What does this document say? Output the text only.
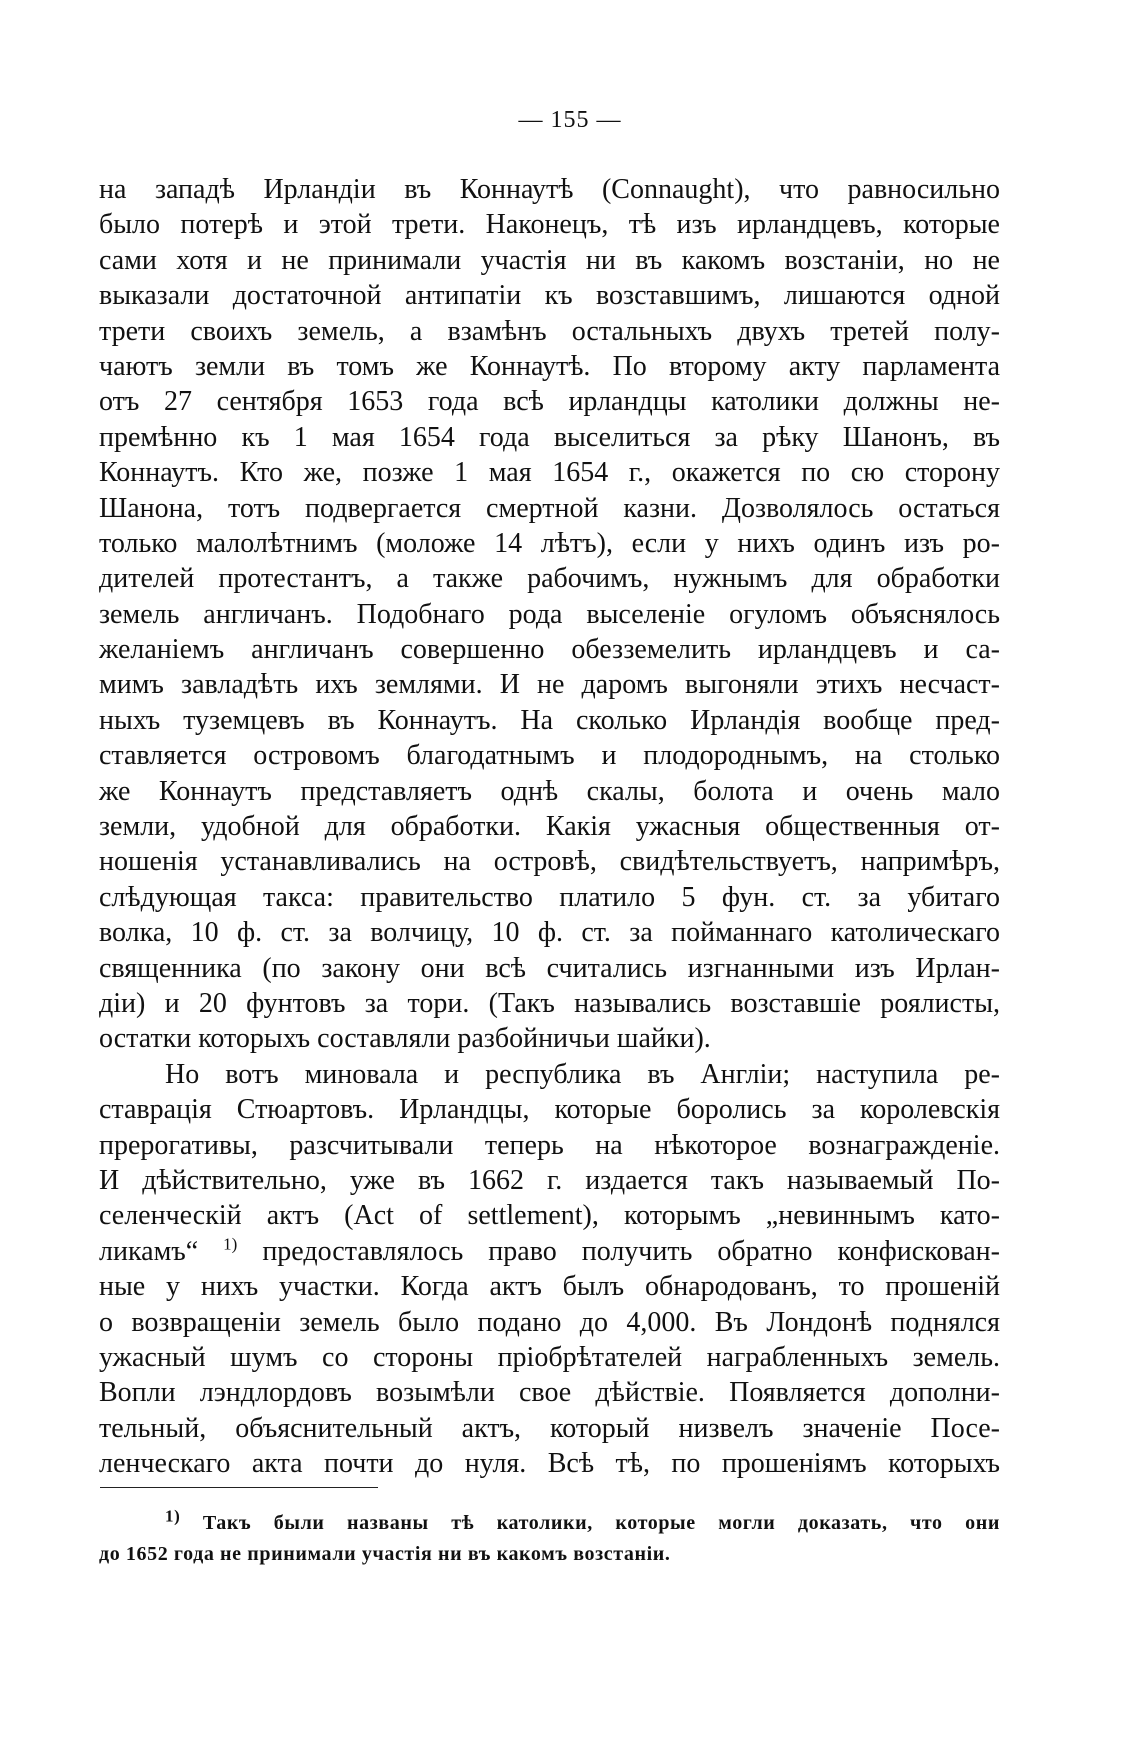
— 155 —
на западѣ Ирландіи въ Коннаутѣ (Connaught), что равносильно
было потерѣ и этой трети. Наконецъ, тѣ изъ ирландцевъ, которые
сами хотя и не принимали участія ни въ какомъ возстаніи, но не
выказали достаточной антипатіи къ возставшимъ, лишаются одной
трети своихъ земель, а взамѣнъ остальныхъ двухъ третей полу-
чаютъ земли въ томъ же Коннаутѣ. По второму акту парламента
отъ 27 сентября 1653 года всѣ ирландцы католики должны не-
премѣнно къ 1 мая 1654 года выселиться за рѣку Шанонъ, въ
Коннаутъ. Кто же, позже 1 мая 1654 г., окажется по сю сторону
Шанона, тотъ подвергается смертной казни. Дозволялось остаться
только малолѣтнимъ (моложе 14 лѣтъ), если у нихъ одинъ изъ ро-
дителей протестантъ, а также рабочимъ, нужнымъ для обработки
земель англичанъ. Подобнаго рода выселеніе огуломъ объяснялось
желаніемъ англичанъ совершенно обезземелить ирландцевъ и са-
мимъ завладѣть ихъ землями. И не даромъ выгоняли этихъ несчаст-
ныхъ туземцевъ въ Коннаутъ. На сколько Ирландія вообще пред-
ставляется островомъ благодатнымъ и плодороднымъ, на столько
же Коннаутъ представляетъ однѣ скалы, болота и очень мало
земли, удобной для обработки. Какія ужасныя общественныя от-
ношенія устанавливались на островѣ, свидѣтельствуетъ, напримѣръ,
слѣдующая такса: правительство платило 5 фун. ст. за убитаго
волка, 10 ф. ст. за волчицу, 10 ф. ст. за пойманнаго католическаго
священника (по закону они всѣ считались изгнанными изъ Ирлан-
діи) и 20 фунтовъ за тори. (Такъ назывались возставшіе роялисты,
остатки которыхъ составляли разбойничьи шайки).
Но вотъ миновала и республика въ Англіи; наступила ре-
ставрація Стюартовъ. Ирландцы, которые боролись за королевскія
прерогативы, разсчитывали теперь на нѣкоторое вознагражденіе.
И дѣйствительно, уже въ 1662 г. издается такъ называемый По-
селенческій актъ (Act of settlement), которымъ „невиннымъ като-
ликамъ“ $^{1)}$ предоставлялось право получить обратно конфискован-
ные у нихъ участки. Когда актъ былъ обнародованъ, то прошеній
о возвращеніи земель было подано до 4,000. Въ Лондонѣ поднялся
ужасный шумъ со стороны пріобрѣтателей награбленныхъ земель.
Вопли лэндлордовъ возымѣли свое дѣйствіе. Появляется дополни-
тельный, объяснительный актъ, который низвелъ значеніе Посе-
ленческаго акта почти до нуля. Всѣ тѣ, по прошеніямъ которыхъ
$^{1)}$ Такъ были названы тѣ католики, которые могли доказать, что они
до 1652 года не принимали участія ни въ какомъ возстаніи.
